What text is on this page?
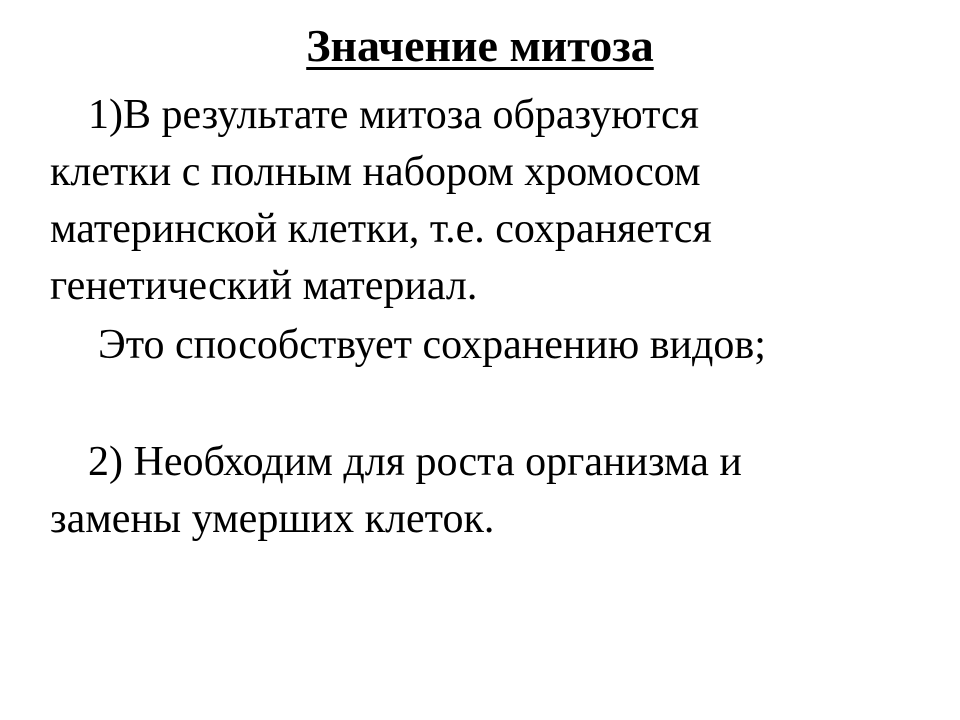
Значение митоза

1)В результате митоза образуются

клетки с полным набором хромосом

материнской клетки, т.е. сохраняется

генетический материал.

Это способствует сохранению видов;

2) Необходим для роста организма и

замены умерших клеток.
